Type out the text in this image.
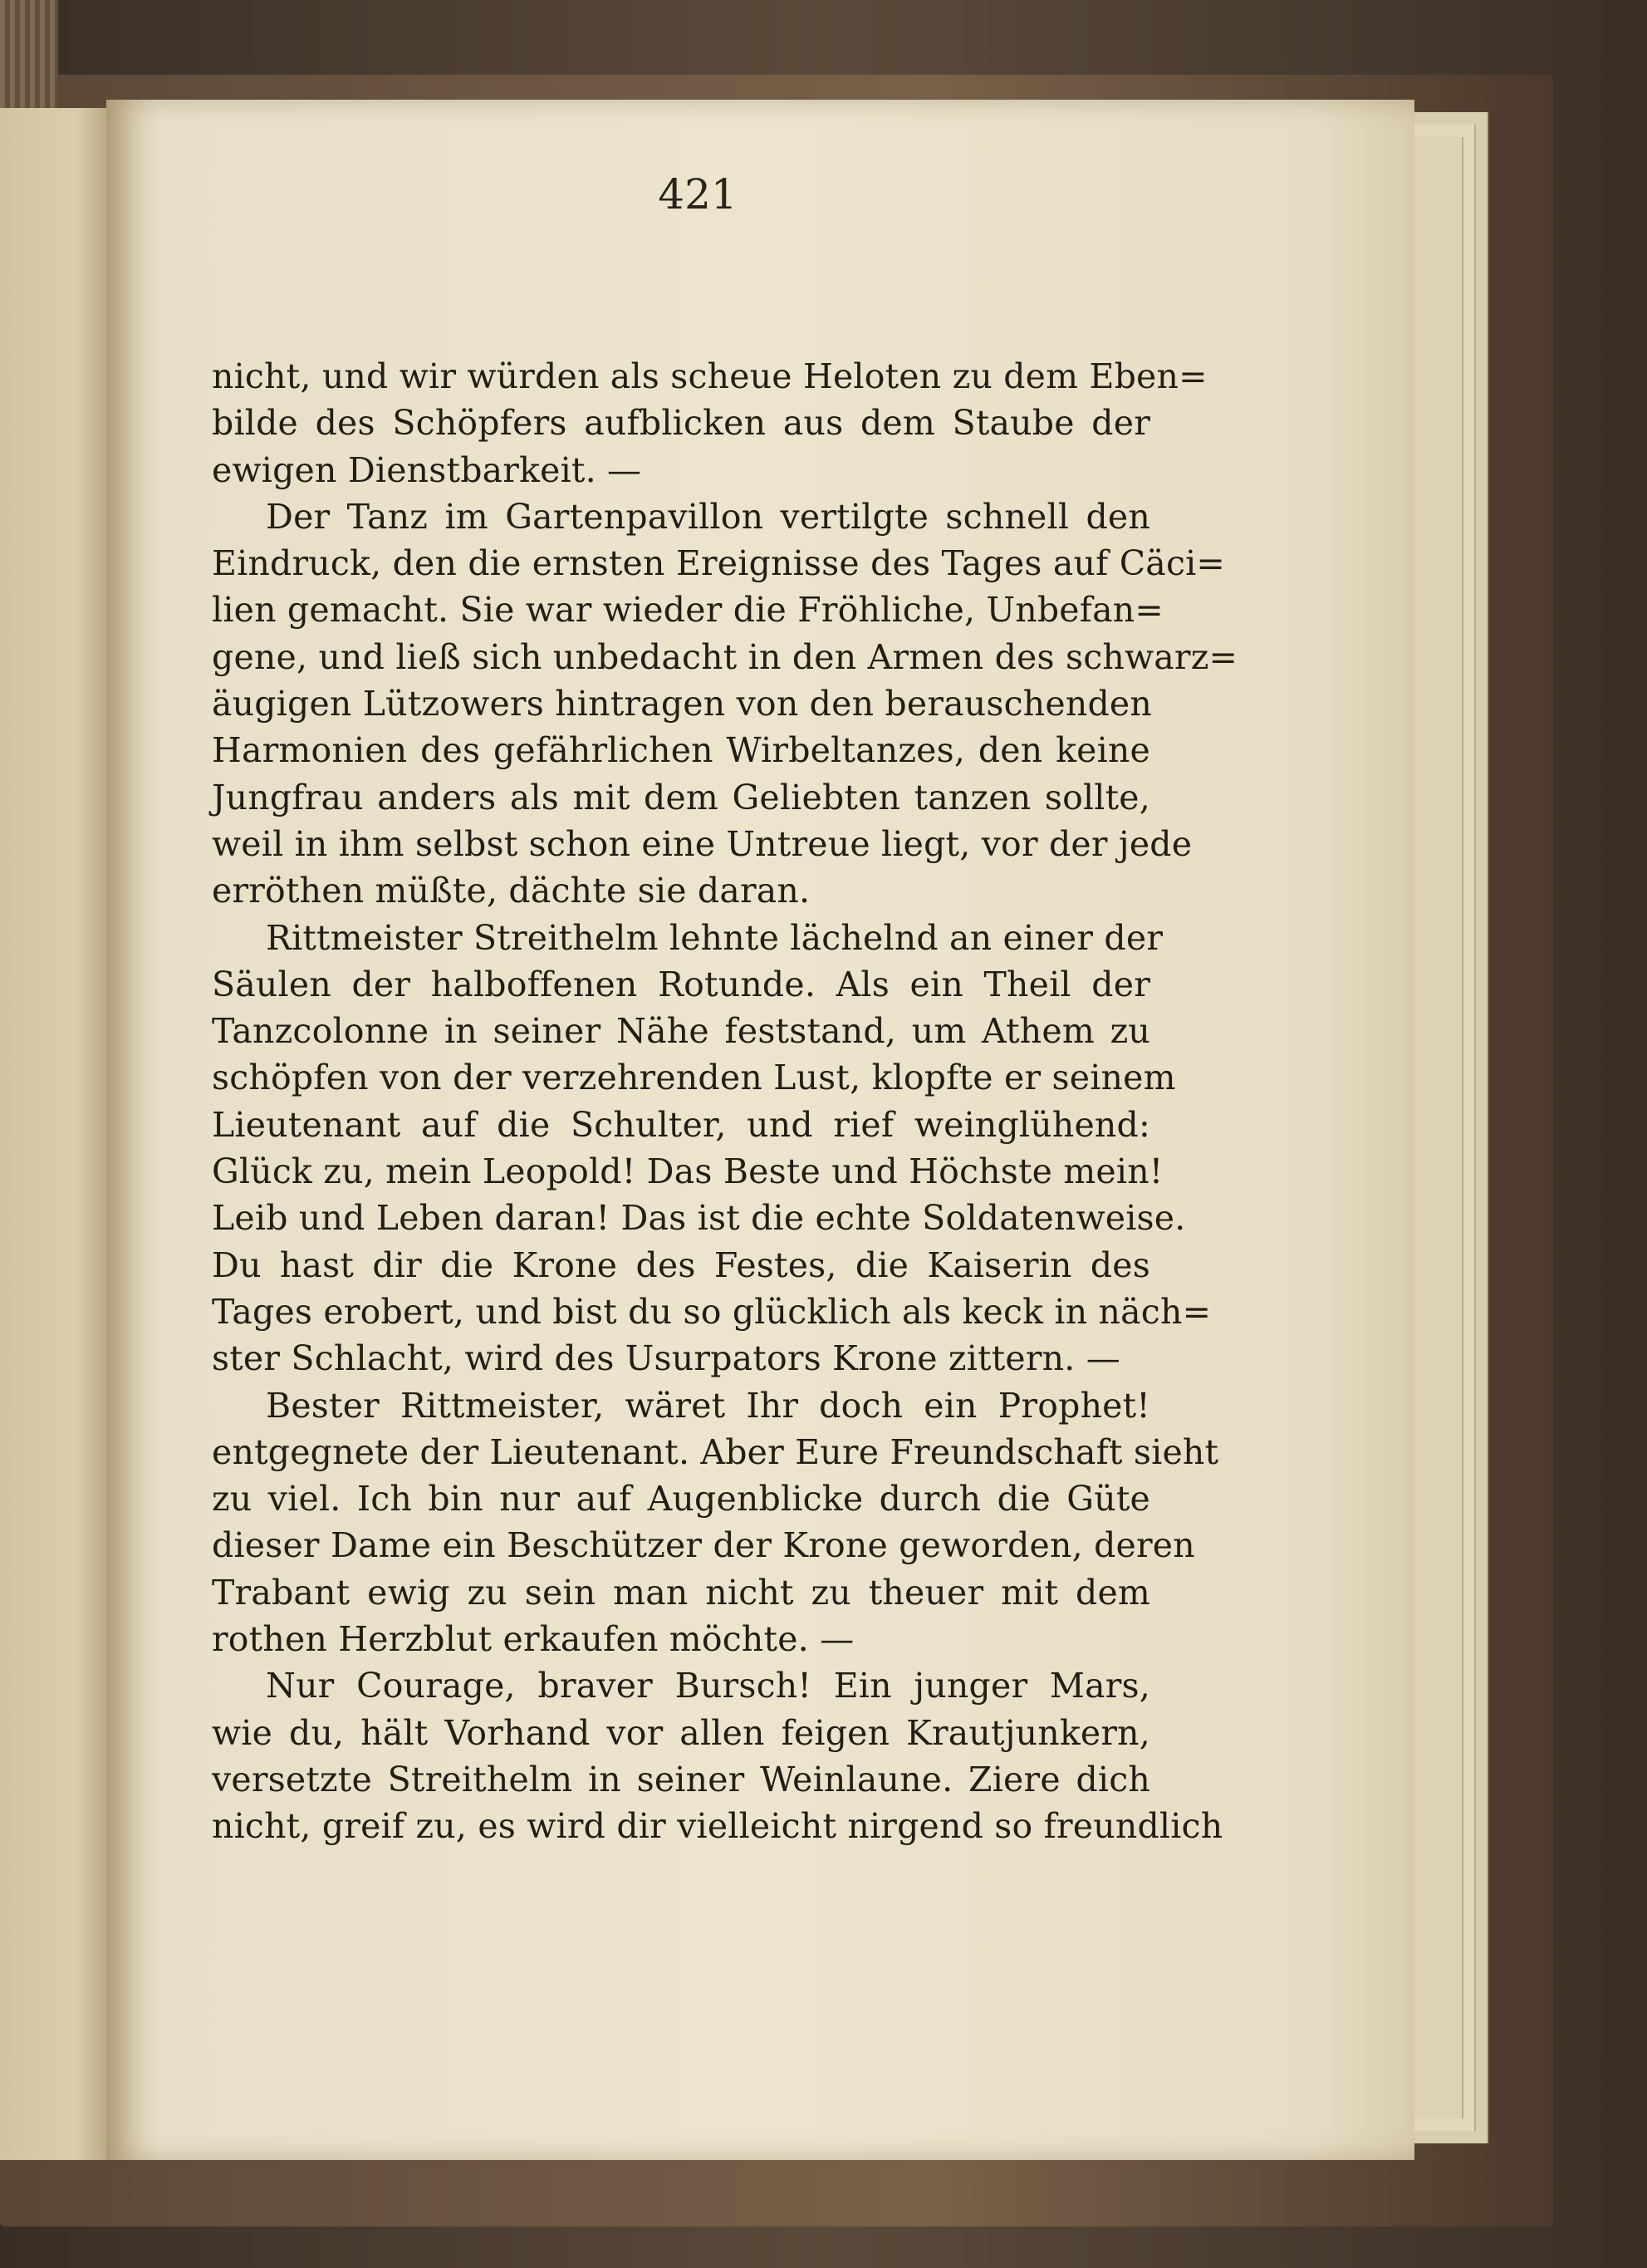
421
nicht, und wir würden als scheue Heloten zu dem Eben=
bilde des Schöpfers aufblicken aus dem Staube der
ewigen Dienstbarkeit. —
Der Tanz im Gartenpavillon vertilgte schnell den
Eindruck, den die ernsten Ereignisse des Tages auf Cäci=
lien gemacht. Sie war wieder die Fröhliche, Unbefan=
gene, und ließ sich unbedacht in den Armen des schwarz=
äugigen Lützowers hintragen von den berauschenden
Harmonien des gefährlichen Wirbeltanzes, den keine
Jungfrau anders als mit dem Geliebten tanzen sollte,
weil in ihm selbst schon eine Untreue liegt, vor der jede
erröthen müßte, dächte sie daran.
Rittmeister Streithelm lehnte lächelnd an einer der
Säulen der halboffenen Rotunde. Als ein Theil der
Tanzcolonne in seiner Nähe feststand, um Athem zu
schöpfen von der verzehrenden Lust, klopfte er seinem
Lieutenant auf die Schulter, und rief weinglühend:
Glück zu, mein Leopold! Das Beste und Höchste mein!
Leib und Leben daran! Das ist die echte Soldatenweise.
Du hast dir die Krone des Festes, die Kaiserin des
Tages erobert, und bist du so glücklich als keck in näch=
ster Schlacht, wird des Usurpators Krone zittern. —
Bester Rittmeister, wäret Ihr doch ein Prophet!
entgegnete der Lieutenant. Aber Eure Freundschaft sieht
zu viel. Ich bin nur auf Augenblicke durch die Güte
dieser Dame ein Beschützer der Krone geworden, deren
Trabant ewig zu sein man nicht zu theuer mit dem
rothen Herzblut erkaufen möchte. —
Nur Courage, braver Bursch! Ein junger Mars,
wie du, hält Vorhand vor allen feigen Krautjunkern,
versetzte Streithelm in seiner Weinlaune. Ziere dich
nicht, greif zu, es wird dir vielleicht nirgend so freundlich
